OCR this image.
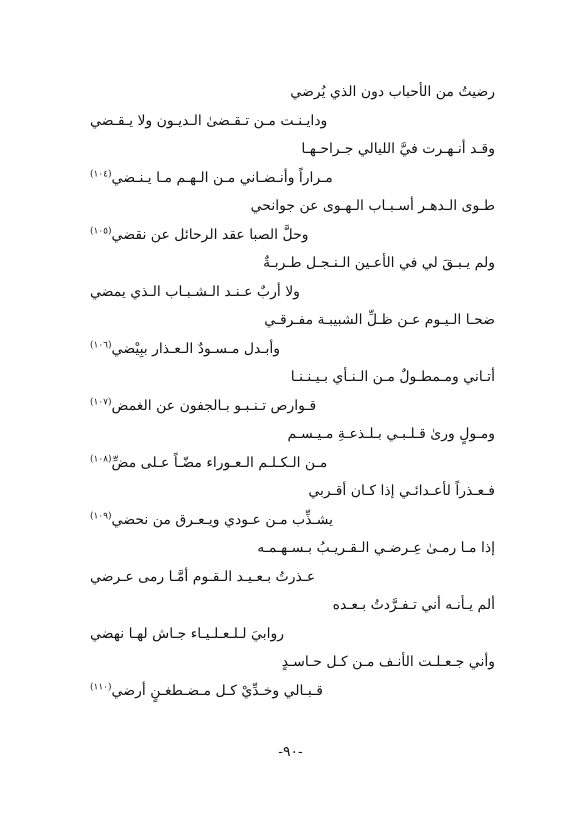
رضيتُ من الأحباب دون الذي يُرضي
ودايـنـت مـن تـقـضىٰ الـديـون ولا يـقـضي
وقـد أنـهـرت فيَّ الليالي جـراحـهـا
مـراراً وأنـضـاني مـن الـهـم مـا يـنـضي$^{(١٠٤)}$
طـوى الـدهـر أسـبـاب الـهـوى عن جوانحي
وحلَّ الصبا عقد الرحائل عن نقضي$^{(١٠٥)}$
ولم يـبـقَ لي في الأعـين الـنـجـل طـربـةٌ
ولا أربٌ عـنـد الـشـبـاب الـذي يمضي
ضحـا الـيـوم عـن ظـلِّ الشبيبـة مفـرقـي
وأبـدل مـسـودٌ الـعـذار ببِيْضي$^{(١٠٦)}$
أتـاني ومـمطـولٌ مـن الـنـأي بـيـنـنـا
قـوارص تـنـبـو بـالجفون عن الغمض$^{(١٠٧)}$
ومـولٍ ورىٰ قـلـبـي بـلـذعـةِ مـيـسـم
مـن الـكـلـم الـعـوراء مضّـاً عـلى مضِّ$^{(١٠٨)}$
فـعـذراً لأعـدائـي إذا كـان أقـربي
يشـذِّب مـن عـودي ويـعـرق من نحضي$^{(١٠٩)}$
إذا مـا رمـىٰ عِـرضـي الـقـريـبُ بـسـهـمـه
عـذرتُ بـعـيـد الـقـوم أمَّـا رمى عـرضي
ألم يـأنـه أني تـفـرَّدتُ بـعـده
روابيَ لـلـعـلـيـاء جـاش لهـا نهضي
وأني جـعـلـت الأنـف مـن كـل حـاسـدٍ
قـبـالي وخـدِّيْ كـل مـضـطغـنٍ أرضي$^{(١١٠)}$
-٩٠-
